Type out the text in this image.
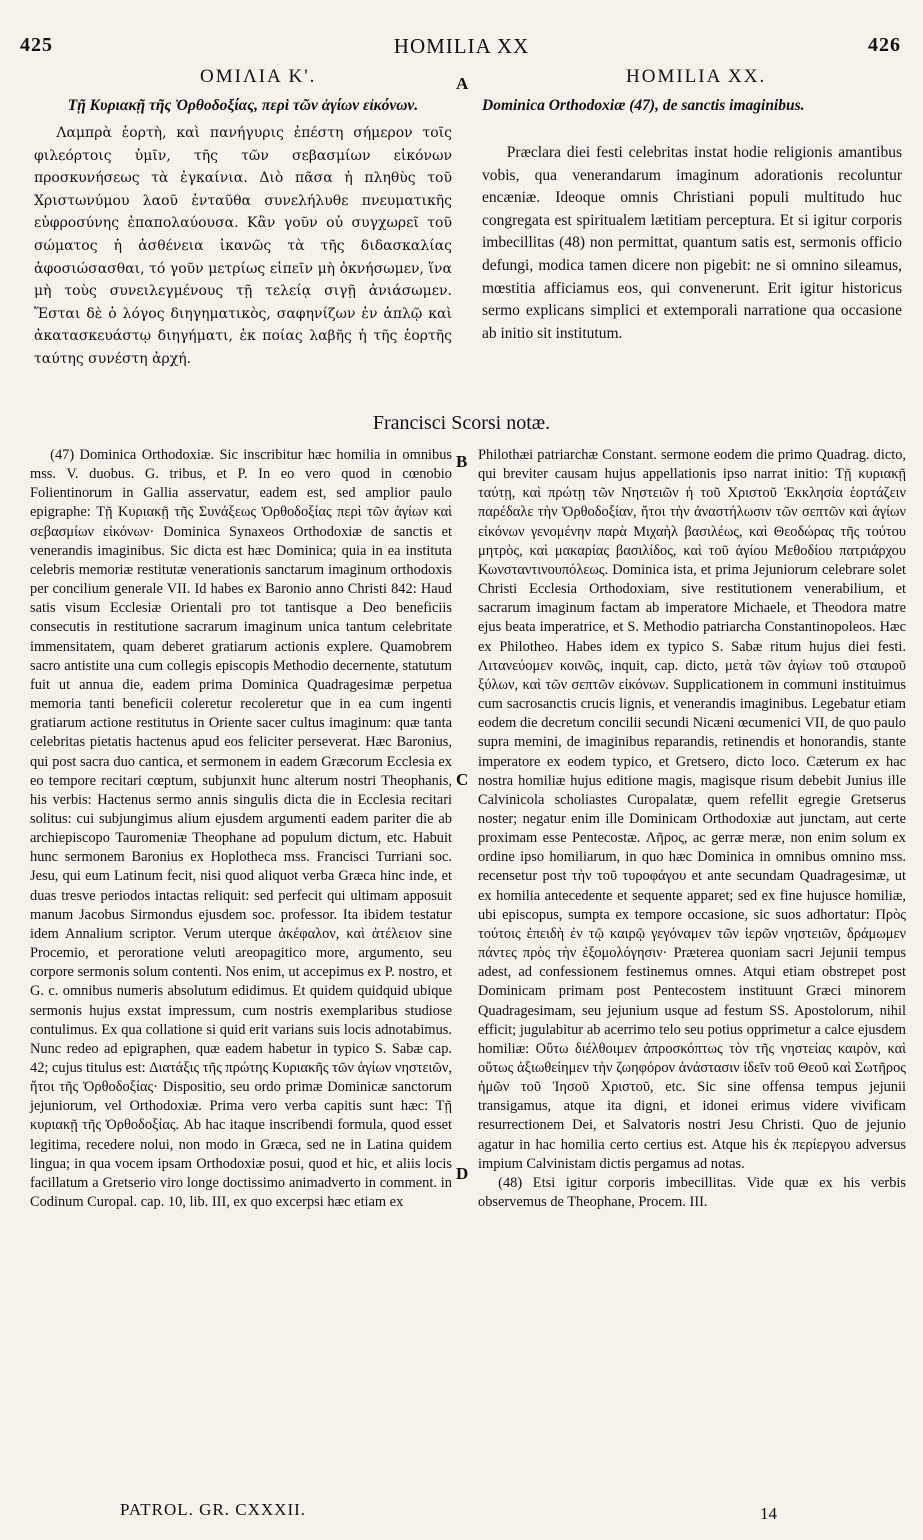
425	HOMILIA XX	426
ΟΜΙΛΙΑ Κ'.	HOMILIA XX.
A
B
C
D
Τῇ Κυριακῇ τῆς Ὀρθοδοξίας, περὶ τῶν ἁγίων εἰκόνων.
Λαμπρὰ ἑορτὴ, καὶ πανήγυρις ἐπέστη σήμερον τοῖς φιλεόρτοις ὑμῖν, τῆς τῶν σεβασμίων εἰκόνων προσκυνήσεως τὰ ἐγκαίνια. Διὸ πᾶσα ἡ πληθὺς τοῦ Χριστωνύμου λαοῦ ἐνταῦθα συνελήλυθε πνευματικῆς εὐφροσύνης ἐπαπολαύουσα. Κἂν γοῦν οὐ συγχωρεῖ τοῦ σώματος ἡ ἀσθένεια ἱκανῶς τὰ τῆς διδασκαλίας ἀφοσιώσασθαι, τό γοῦν μετρίως εἰπεῖν μὴ ὀκνήσωμεν, ἵνα μὴ τοὺς συνειλεγμένους τῇ τελείᾳ σιγῇ ἀνιάσωμεν. Ἔσται δὲ ὁ λόγος διηγηματικὸς, σαφηνίζων ἐν ἁπλῷ καὶ ἀκατασκευάστῳ διηγήματι, ἐκ ποίας λαβῆς ἡ τῆς ἑορτῆς ταύτης συνέστη ἀρχή.
Dominica Orthodoxiæ (47), de sanctis imaginibus.
Præclara diei festi celebritas instat hodie religionis amantibus vobis, qua venerandarum imaginum adorationis recoluntur encæniæ. Ideoque omnis Christiani populi multitudo huc congregata est spiritualem lætitiam perceptura. Et si igitur corporis imbecillitas (48) non permittat, quantum satis est, sermonis officio defungi, modica tamen dicere non pigebit: ne si omnino sileamus, mœstitia afficiamus eos, qui convenerunt. Erit igitur historicus sermo explicans simplici et extemporali narratione qua occasione ab initio sit institutum.
Francisci Scorsi notæ.

(47) Dominica Orthodoxiæ. Sic inscribitur hæc homilia in omnibus mss. V. duobus. G. tribus, et P. In eo vero quod in cœnobio Folientinorum in Gallia asservatur, eadem est, sed amplior paulo epigraphe: Τῇ Κυριακῇ τῆς Συνάξεως Ὀρθοδοξίας περὶ τῶν ἁγίων καὶ σεβασμίων εἰκόνων· Dominica Synaxeos Orthodoxiæ de sanctis et venerandis imaginibus. Sic dicta est hæc Dominica; quia in ea instituta celebris memoriæ restitutæ venerationis sanctarum imaginum orthodoxis per concilium generale VII. Id habes ex Baronio anno Christi 842: Haud satis visum Ecclesiæ Orientali pro tot tantisque a Deo beneficiis consecutis in restitutione sacrarum imaginum unica tantum celebritate immensitatem, quam deberet gratiarum actionis explere. Quamobrem sacro antistite una cum collegis episcopis Methodio decernente, statutum fuit ut annua die, eadem prima Dominica Quadragesimæ perpetua memoria tanti beneficii coleretur recoleretur que in ea cum ingenti gratiarum actione restitutus in Oriente sacer cultus imaginum: quæ tanta celebritas pietatis hactenus apud eos feliciter perseverat. Hæc Baronius, qui post sacra duo cantica, et sermonem in eadem Græcorum Ecclesia ex eo tempore recitari cœptum, subjunxit hunc alterum nostri Theophanis, his verbis: Hactenus sermo annis singulis dicta die in Ecclesia recitari solitus: cui subjungimus alium ejusdem argumenti eadem pariter die ab archiepiscopo Tauromeniæ Theophane ad populum dictum, etc. Habuit hunc sermonem Baronius ex Hoplotheca mss. Francisci Turriani soc. Jesu, qui eum Latinum fecit, nisi quod aliquot verba Græca hinc inde, et duas tresve periodos intactas reliquit: sed perfecit qui ultimam apposuit manum Jacobus Sirmondus ejusdem soc. professor. Ita ibidem testatur idem Annalium scriptor. Verum uterque ἀκέφαλον, καὶ ἀτέλειον sine Procemio, et peroratione veluti areopagitico more, argumento, seu corpore sermonis solum contenti. Nos enim, ut accepimus ex P. nostro, et G. c. omnibus numeris absolutum edidimus. Et quidem quidquid ubique sermonis hujus exstat impressum, cum nostris exemplaribus studiose contulimus. Ex qua collatione si quid erit varians suis locis adnotabimus. Nunc redeo ad epigraphen, quæ eadem habetur in typico S. Sabæ cap. 42; cujus titulus est: Διατάξις τῆς πρώτης Κυριακῆς τῶν ἁγίων νηστειῶν, ἤτοι τῆς Ὀρθοδοξίας· Dispositio, seu ordo primæ Dominicæ sanctorum jejuniorum, vel Orthodoxiæ. Prima vero verba capitis sunt hæc: Τῇ κυριακῇ τῆς Ὀρθοδοξίας. Ab hac itaque inscribendi formula, quod esset legitima, recedere nolui, non modo in Græca, sed ne in Latina quidem lingua; in qua vocem ipsam Orthodoxiæ posui, quod et hic, et aliis locis facillatum a Gretserio viro longe doctissimo animadverto in comment. in Codinum Curopal. cap. 10, lib. III, ex quo excerpsi hæc etiam ex

Philothæi patriarchæ Constant. sermone eodem die primo Quadrag. dicto, qui breviter causam hujus appellationis ipso narrat initio: Τῇ κυριακῇ ταύτῃ, καὶ πρώτῃ τῶν Νηστειῶν ἡ τοῦ Χριστοῦ Ἐκκλησία ἑορτάζειν παρέδαλε τὴν Ὀρθοδοξίαν, ἤτοι τὴν ἀναστήλωσιν τῶν σεπτῶν καὶ ἁγίων εἰκόνων γενομένην παρὰ Μιχαὴλ βασιλέως, καὶ Θεοδώρας τῆς τούτου μητρὸς, καὶ μακαρίας βασιλίδος, καὶ τοῦ ἁγίου Μεθοδίου πατριάρχου Κωνσταντινουπόλεως. Dominica ista, et prima Jejuniorum celebrare solet Christi Ecclesia Orthodoxiam, sive restitutionem venerabilium, et sacrarum imaginum factam ab imperatore Michaele, et Theodora matre ejus beata imperatrice, et S. Methodio patriarcha Constantinopoleos. Hæc ex Philotheo. Habes idem ex typico S. Sabæ ritum hujus diei festi. Λιτανεύομεν κοινῶς, inquit, cap. dicto, μετὰ τῶν ἁγίων τοῦ σταυροῦ ξύλων, καὶ τῶν σεπτῶν εἰκόνων. Supplicationem in communi instituimus cum sacrosanctis crucis lignis, et venerandis imaginibus. Legebatur etiam eodem die decretum concilii secundi Nicæni œcumenici VII, de quo paulo supra memini, de imaginibus reparandis, retinendis et honorandis, stante imperatore ex eodem typico, et Gretsero, dicto loco. Cæterum ex hac nostra homiliæ hujus editione magis, magisque risum debebit Junius ille Calvinicola scholiastes Curopalatæ, quem refellit egregie Gretserus noster; negatur enim ille Dominicam Orthodoxiæ aut junctam, aut certe proximam esse Pentecostæ. Λῆρος, ac gerræ meræ, non enim solum ex ordine ipso homiliarum, in quo hæc Dominica in omnibus omnino mss. recensetur post τὴν τοῦ τυροφάγου et ante secundam Quadragesimæ, ut ex homilia antecedente et sequente apparet; sed ex fine hujusce homiliæ, ubi episcopus, sumpta ex tempore occasione, sic suos adhortatur: Πρὸς τούτοις ἐπειδὴ ἐν τῷ καιρῷ γεγόναμεν τῶν ἱερῶν νηστειῶν, δράμωμεν πάντες πρὸς τὴν ἐξομολόγησιν· Præterea quoniam sacri Jejunii tempus adest, ad confessionem festinemus omnes. Atqui etiam obstrepet post Dominicam primam post Pentecostem instituunt Græci minorem Quadragesimam, seu jejunium usque ad festum SS. Apostolorum, nihil efficit; jugulabitur ab acerrimo telo seu potius opprimetur a calce ejusdem homiliæ: Οὕτω διέλθοιμεν ἀπροσκόπτως τὸν τῆς νηστείας καιρὸν, καὶ οὕτως ἀξιωθείημεν τὴν ζωηφόρον ἀνάστασιν ἰδεῖν τοῦ Θεοῦ καὶ Σωτῆρος ἡμῶν τοῦ Ἰησοῦ Χριστοῦ, etc. Sic sine offensa tempus jejunii transigamus, atque ita digni, et idonei erimus videre vivificam resurrectionem Dei, et Salvatoris nostri Jesu Christi. Quo de jejunio agatur in hac homilia certo certius est. Atque his ἐκ περίεργου adversus impium Calvinistam dictis pergamus ad notas.

(48) Etsi igitur corporis imbecillitas. Vide quæ ex his verbis observemus de Theophane, Procem. III.

PATROL. GR. CXXXII.	14
